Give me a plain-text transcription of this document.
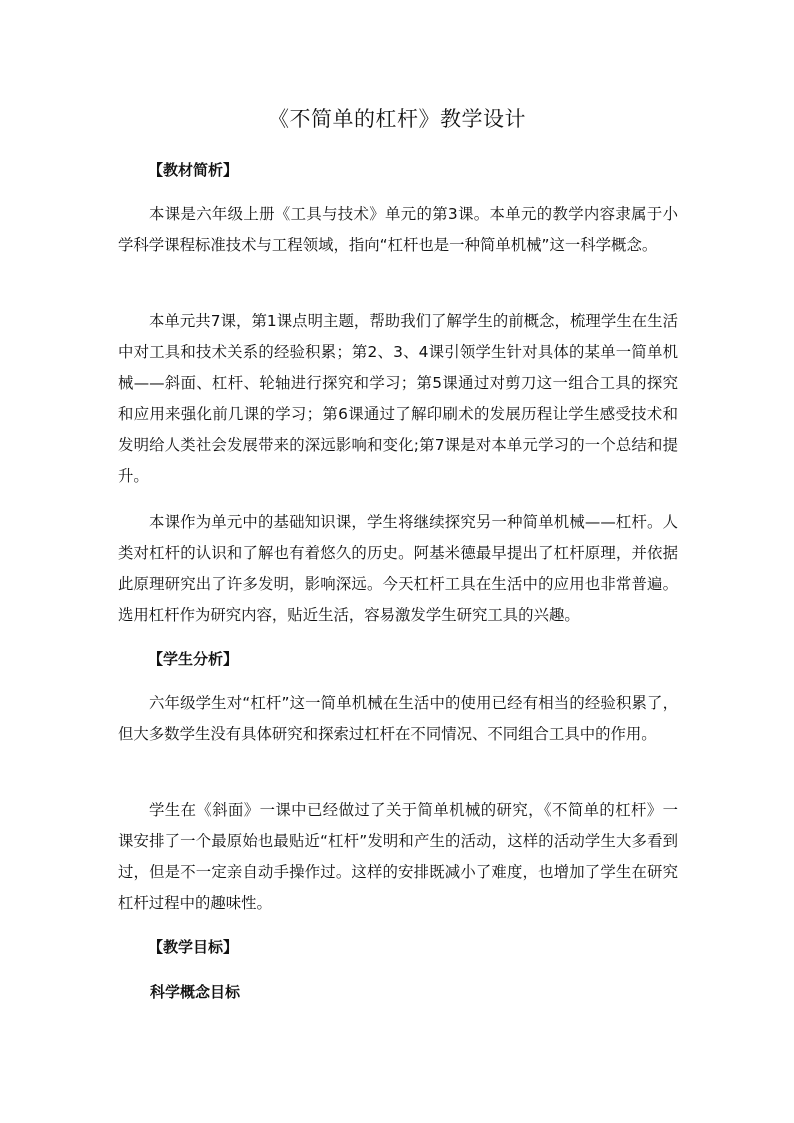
《不简单的杠杆》教学设计
【教材简析】

本课是六年级上册《工具与技术》单元的第3课。本单元的教学内容隶属于小学科学课程标准技术与工程领域，指向“杠杆也是一种简单机械”这一科学概念。

本单元共7课，第1课点明主题，帮助我们了解学生的前概念，梳理学生在生活中对工具和技术关系的经验积累；第2、3、4课引领学生针对具体的某单一简单机械——斜面、杠杆、轮轴进行探究和学习；第5课通过对剪刀这一组合工具的探究和应用来强化前几课的学习；第6课通过了解印刷术的发展历程让学生感受技术和发明给人类社会发展带来的深远影响和变化;第7课是对本单元学习的一个总结和提升。

本课作为单元中的基础知识课，学生将继续探究另一种简单机械——杠杆。人类对杠杆的认识和了解也有着悠久的历史。阿基米德最早提出了杠杆原理，并依据此原理研究出了许多发明，影响深远。今天杠杆工具在生活中的应用也非常普遍。选用杠杆作为研究内容，贴近生活，容易激发学生研究工具的兴趣。

【学生分析】

六年级学生对“杠杆”这一简单机械在生活中的使用已经有相当的经验积累了，但大多数学生没有具体研究和探索过杠杆在不同情况、不同组合工具中的作用。

学生在《斜面》一课中已经做过了关于简单机械的研究，《不简单的杠杆》一课安排了一个最原始也最贴近“杠杆”发明和产生的活动，这样的活动学生大多看到过，但是不一定亲自动手操作过。这样的安排既减小了难度，也增加了学生在研究杠杆过程中的趣味性。

【教学目标】
科学概念目标
